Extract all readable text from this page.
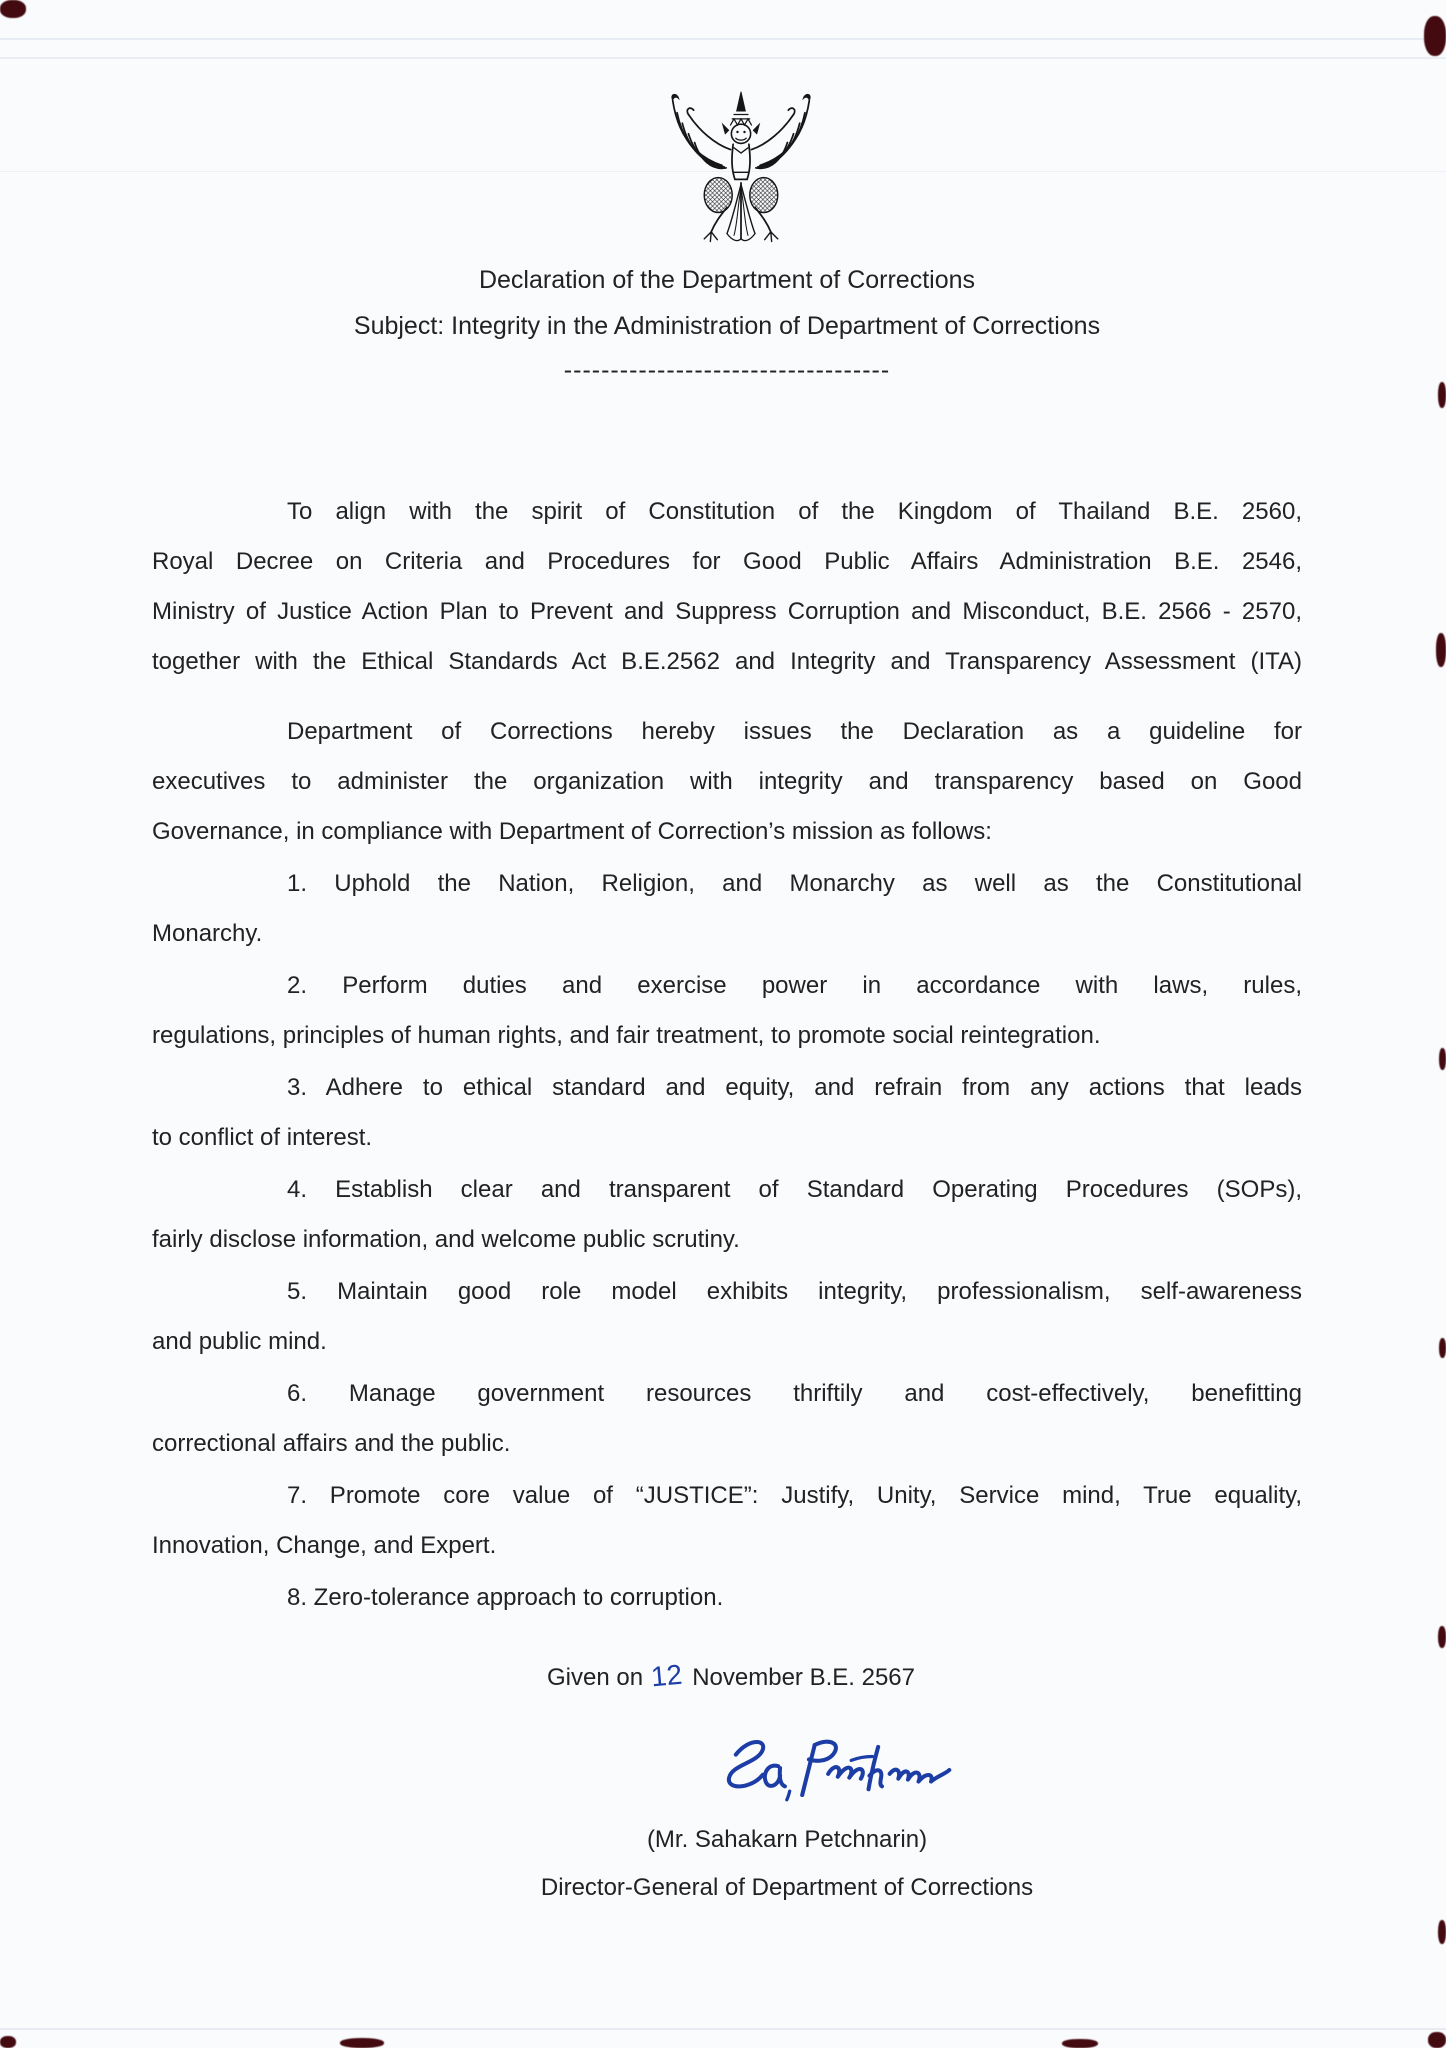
Declaration of the Department of Corrections
Subject: Integrity in the Administration of Department of Corrections
-----------------------------------
To align with the spirit of Constitution of the Kingdom of Thailand B.E. 2560,
Royal Decree on Criteria and Procedures for Good Public Affairs Administration B.E. 2546,
Ministry of Justice Action Plan to Prevent and Suppress Corruption and Misconduct, B.E. 2566 - 2570,
together with the Ethical Standards Act B.E.2562 and Integrity and Transparency Assessment (ITA)
Department of Corrections hereby issues the Declaration as a guideline for
executives to administer the organization with integrity and transparency based on Good
Governance, in compliance with Department of Correction’s mission as follows:
1. Uphold the Nation, Religion, and Monarchy as well as the Constitutional
Monarchy.
2. Perform duties and exercise power in accordance with laws, rules,
regulations, principles of human rights, and fair treatment, to promote social reintegration.
3. Adhere to ethical standard and equity, and refrain from any actions that leads
to conflict of interest.
4. Establish clear and transparent of Standard Operating Procedures (SOPs),
fairly disclose information, and welcome public scrutiny.
5. Maintain good role model exhibits integrity, professionalism, self-awareness
and public mind.
6. Manage government resources thriftily and cost-effectively, benefitting
correctional affairs and the public.
7. Promote core value of “JUSTICE”: Justify, Unity, Service mind, True equality,
Innovation, Change, and Expert.
8. Zero-tolerance approach to corruption.
Given on 12 November B.E. 2567
(Mr. Sahakarn Petchnarin)
Director-General of Department of Corrections
